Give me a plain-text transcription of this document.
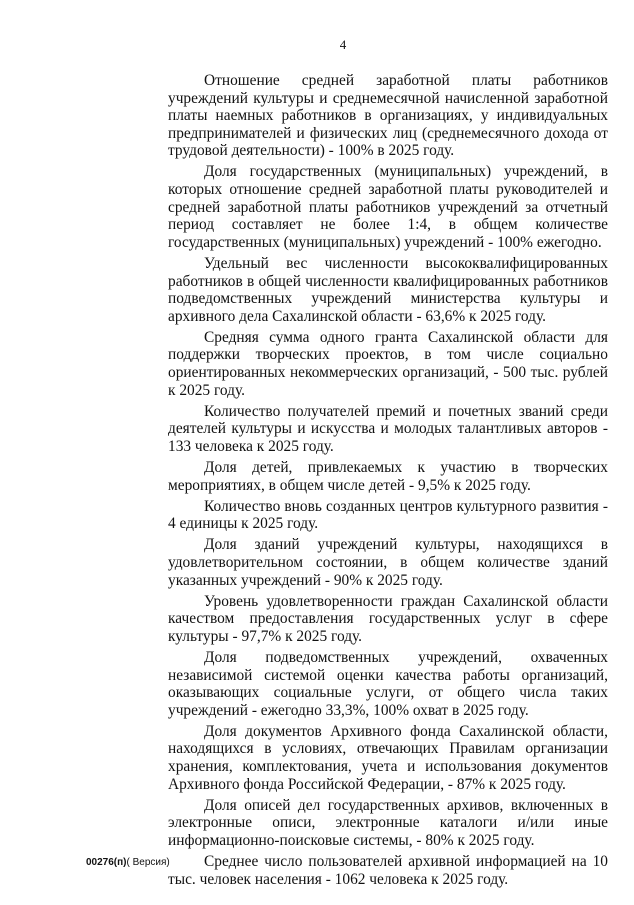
4

Отношение средней заработной платы работников учреждений культуры и среднемесячной начисленной заработной платы наемных работников в организациях, у индивидуальных предпринимателей и физических лиц (среднемесячного дохода от трудовой деятельности) - 100% в 2025 году.

Доля государственных (муниципальных) учреждений, в которых отношение средней заработной платы руководителей и средней заработной платы работников учреждений за отчетный период составляет не более 1:4, в общем количестве государственных (муниципальных) учреждений - 100% ежегодно.

Удельный вес численности высококвалифицированных работников в общей численности квалифицированных работников подведомственных учреждений министерства культуры и архивного дела Сахалинской области - 63,6% к 2025 году.

Средняя сумма одного гранта Сахалинской области для поддержки творческих проектов, в том числе социально ориентированных некоммерческих организаций, - 500 тыс. рублей к 2025 году.

Количество получателей премий и почетных званий среди деятелей культуры и искусства и молодых талантливых авторов - 133 человека к 2025 году.

Доля детей, привлекаемых к участию в творческих мероприятиях, в общем числе детей - 9,5% к 2025 году.

Количество вновь созданных центров культурного развития - 4 единицы к 2025 году.

Доля зданий учреждений культуры, находящихся в удовлетворительном состоянии, в общем количестве зданий указанных учреждений - 90% к 2025 году.

Уровень удовлетворенности граждан Сахалинской области качеством предоставления государственных услуг в сфере культуры - 97,7% к 2025 году.

Доля подведомственных учреждений, охваченных независимой системой оценки качества работы организаций, оказывающих социальные услуги, от общего числа таких учреждений - ежегодно 33,3%, 100% охват в 2025 году.

Доля документов Архивного фонда Сахалинской области, находящихся в условиях, отвечающих Правилам организации хранения, комплектования, учета и использования документов Архивного фонда Российской Федерации, - 87% к 2025 году.

Доля описей дел государственных архивов, включенных в электронные описи, электронные каталоги и/или иные информационно-поисковые системы, - 80% к 2025 году.

Среднее число пользователей архивной информацией на 10 тыс. человек населения - 1062 человека к 2025 году.

00276(п)( Версия)
